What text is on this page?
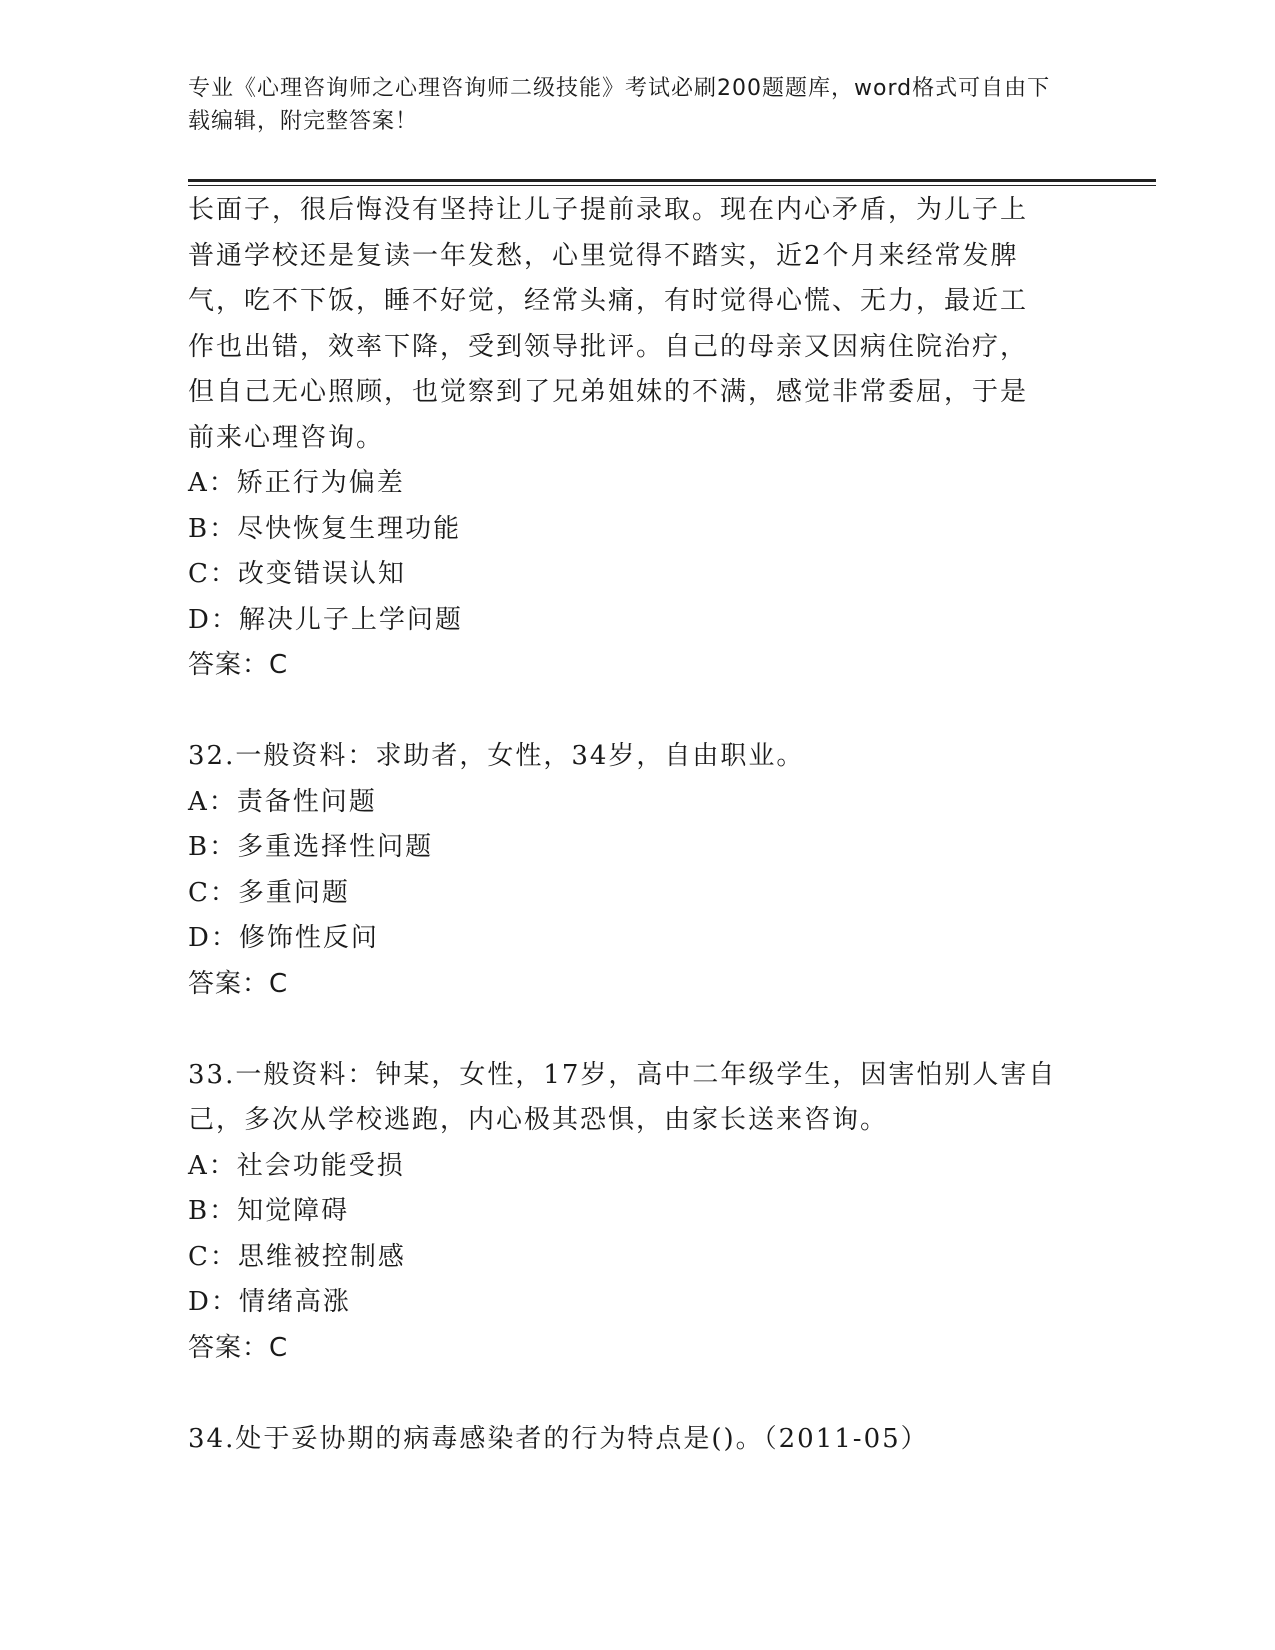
专业《心理咨询师之心理咨询师二级技能》考试必刷200题题库，word格式可自由下载编辑，附完整答案！
长面子，很后悔没有坚持让儿子提前录取。现在内心矛盾，为儿子上
普通学校还是复读一年发愁，心里觉得不踏实，近2个月来经常发脾
气，吃不下饭，睡不好觉，经常头痛，有时觉得心慌、无力，最近工
作也出错，效率下降，受到领导批评。自己的母亲又因病住院治疗，
但自己无心照顾，也觉察到了兄弟姐妹的不满，感觉非常委屈，于是
前来心理咨询。
A：矫正行为偏差
B：尽快恢复生理功能
C：改变错误认知
D：解决儿子上学问题
答案：C
32.一般资料：求助者，女性，34岁，自由职业。
A：责备性问题
B：多重选择性问题
C：多重问题
D：修饰性反问
答案：C
33.一般资料：钟某，女性，17岁，高中二年级学生，因害怕别人害自
己，多次从学校逃跑，内心极其恐惧，由家长送来咨询。
A：社会功能受损
B：知觉障碍
C：思维被控制感
D：情绪高涨
答案：C
34.处于妥协期的病毒感染者的行为特点是()。（2011-05）
